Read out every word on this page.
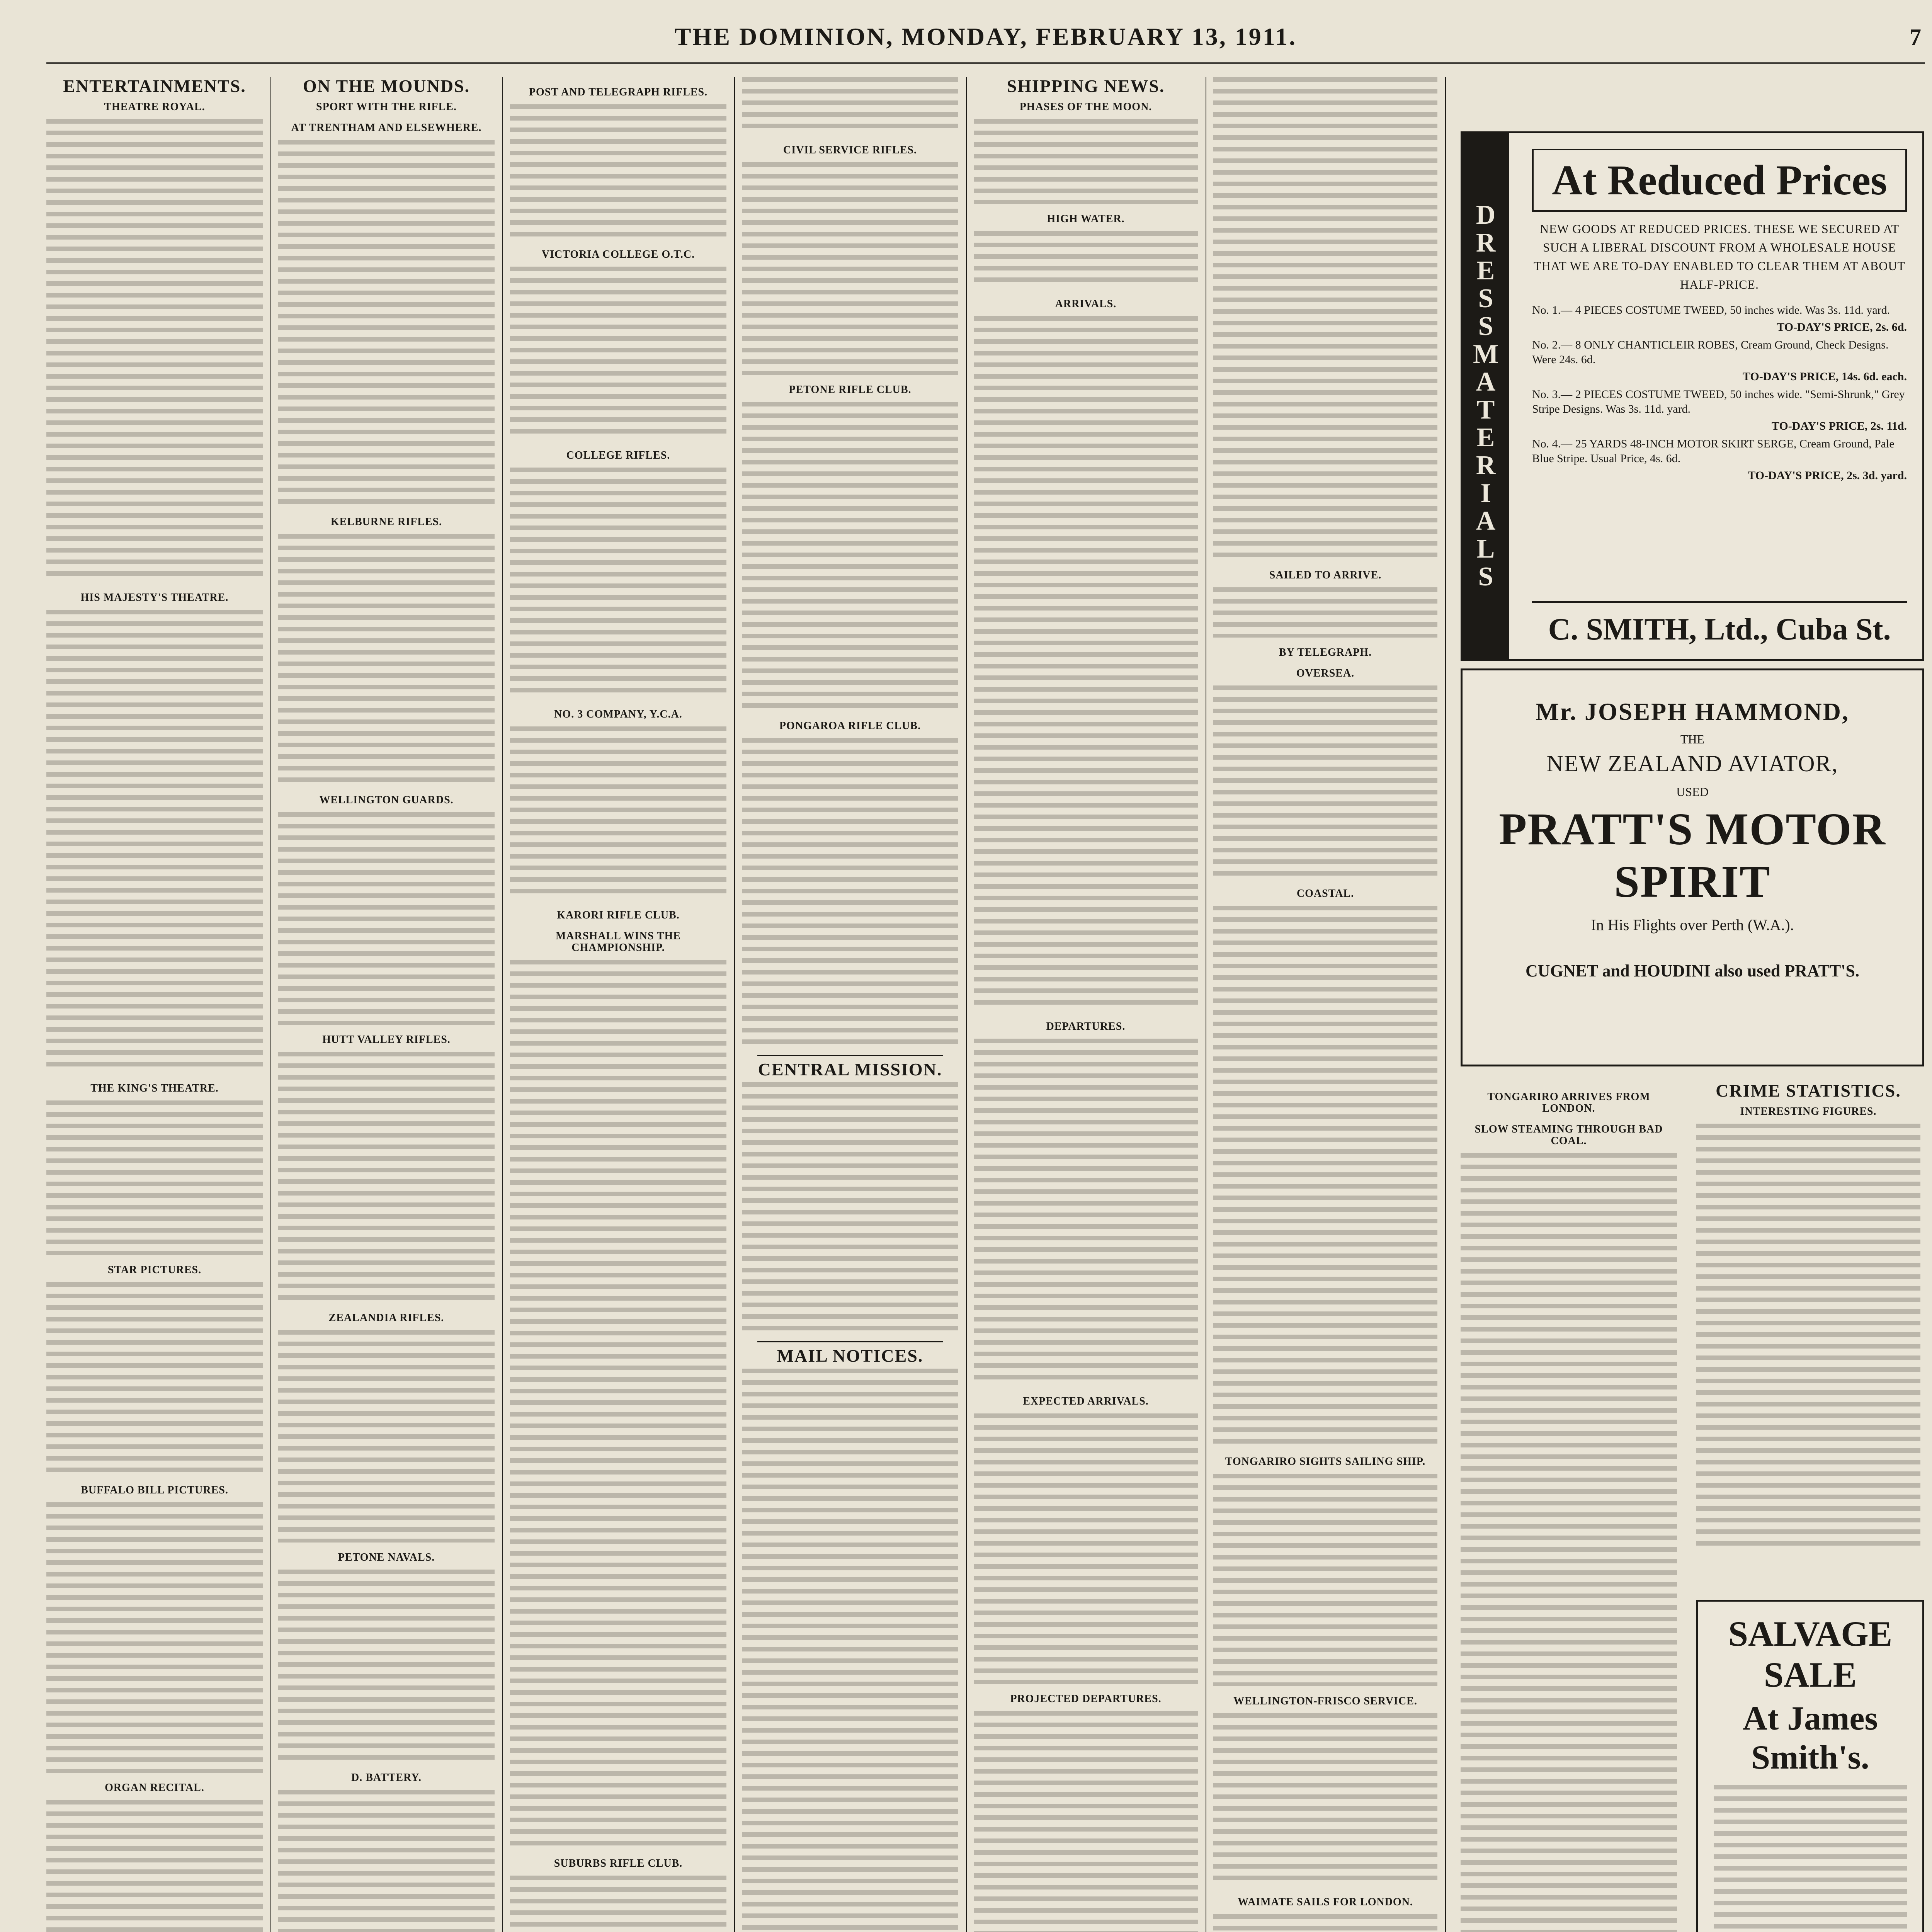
THE DOMINION, MONDAY, FEBRUARY 13, 1911.	7
ENTERTAINMENTS.
THEATRE ROYAL.
HIS MAJESTY'S THEATRE.
THE KING'S THEATRE.
STAR PICTURES.
BUFFALO BILL PICTURES.
ORGAN RECITAL.
ON THE MOUNDS.
SPORT WITH THE RIFLE.
AT TRENTHAM AND ELSEWHERE.
KELBURNE RIFLES.
WELLINGTON GUARDS.
HUTT VALLEY RIFLES.
ZEALANDIA RIFLES.
PETONE NAVALS.
D. BATTERY.
POST AND TELEGRAPH RIFLES.
VICTORIA COLLEGE O.T.C.
COLLEGE RIFLES.
NO. 3 COMPANY, Y.C.A.
KARORI RIFLE CLUB.
MARSHALL WINS THE CHAMPIONSHIP.
SUBURBS RIFLE CLUB.
CIVIL SERVICE RIFLES.
PETONE RIFLE CLUB.
PONGAROA RIFLE CLUB.
CENTRAL MISSION.
MAIL NOTICES.
SHIPPING NEWS.
PHASES OF THE MOON.
HIGH WATER.
ARRIVALS.
DEPARTURES.
EXPECTED ARRIVALS.
PROJECTED DEPARTURES.
SAILED TO ARRIVE.
BY TELEGRAPH.
OVERSEA.
COASTAL.
TONGARIRO SIGHTS SAILING SHIP.
WELLINGTON-FRISCO SERVICE.
WAIMATE SAILS FOR LONDON.
D
R
E
S
S
M
A
T
E
R
I
A
L
S
At Reduced Prices
NEW GOODS AT REDUCED PRICES. THESE WE SECURED AT SUCH A LIBERAL DISCOUNT FROM A WHOLESALE HOUSE THAT WE ARE TO-DAY ENABLED TO CLEAR THEM AT ABOUT HALF-PRICE.
No. 1.— 4 PIECES COSTUME TWEED, 50 inches wide. Was 3s. 11d. yard.
TO-DAY'S PRICE, 2s. 6d.
No. 2.— 8 ONLY CHANTICLEIR ROBES, Cream Ground, Check Designs. Were 24s. 6d.
TO-DAY'S PRICE, 14s. 6d. each.
No. 3.— 2 PIECES COSTUME TWEED, 50 inches wide. "Semi-Shrunk," Grey Stripe Designs. Was 3s. 11d. yard.
TO-DAY'S PRICE, 2s. 11d.
No. 4.— 25 YARDS 48-INCH MOTOR SKIRT SERGE, Cream Ground, Pale Blue Stripe. Usual Price, 4s. 6d.
TO-DAY'S PRICE, 2s. 3d. yard.
C. SMITH, Ltd., Cuba St.
Mr. JOSEPH HAMMOND,
THE
NEW ZEALAND AVIATOR,
USED
PRATT'S MOTOR SPIRIT
In His Flights over Perth (W.A.).
CUGNET and HOUDINI also used PRATT'S.
TONGARIRO ARRIVES FROM LONDON.
SLOW STEAMING THROUGH BAD COAL.
CRIME STATISTICS.
INTERESTING FIGURES.
SALVAGE SALE
At James Smith's.
